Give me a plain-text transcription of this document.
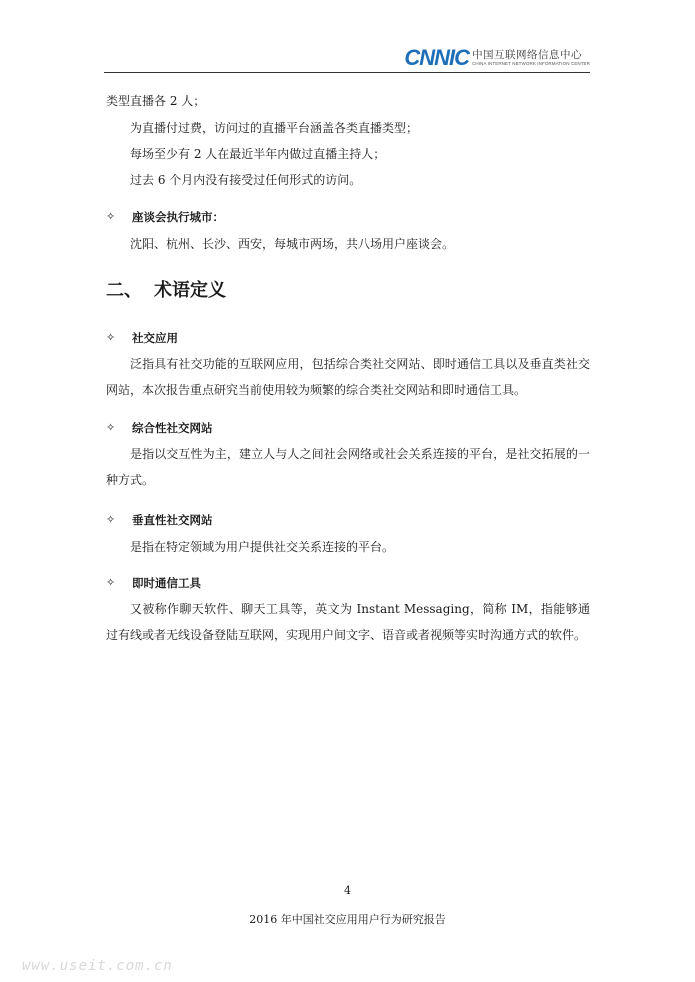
CNNIC 中国互联网络信息中心
CHINA INTERNET NETWORK INFORMATION CENTER
类型直播各 2 人；
为直播付过费，访问过的直播平台涵盖各类直播类型；
每场至少有 2 人在最近半年内做过直播主持人；
过去 6 个月内没有接受过任何形式的访问。
✧	座谈会执行城市：
沈阳、杭州、长沙、西安，每城市两场，共八场用户座谈会。
二、 术语定义
✧	社交应用
泛指具有社交功能的互联网应用，包括综合类社交网站、即时通信工具以及垂直类社交网站，本次报告重点研究当前使用较为频繁的综合类社交网站和即时通信工具。
✧	综合性社交网站
是指以交互性为主，建立人与人之间社会网络或社会关系连接的平台，是社交拓展的一种方式。
✧	垂直性社交网站
是指在特定领域为用户提供社交关系连接的平台。
✧	即时通信工具
又被称作聊天软件、聊天工具等，英文为 Instant Messaging，简称 IM，指能够通过有线或者无线设备登陆互联网，实现用户间文字、语音或者视频等实时沟通方式的软件。
4
2016 年中国社交应用用户行为研究报告
www.useit.com.cn
